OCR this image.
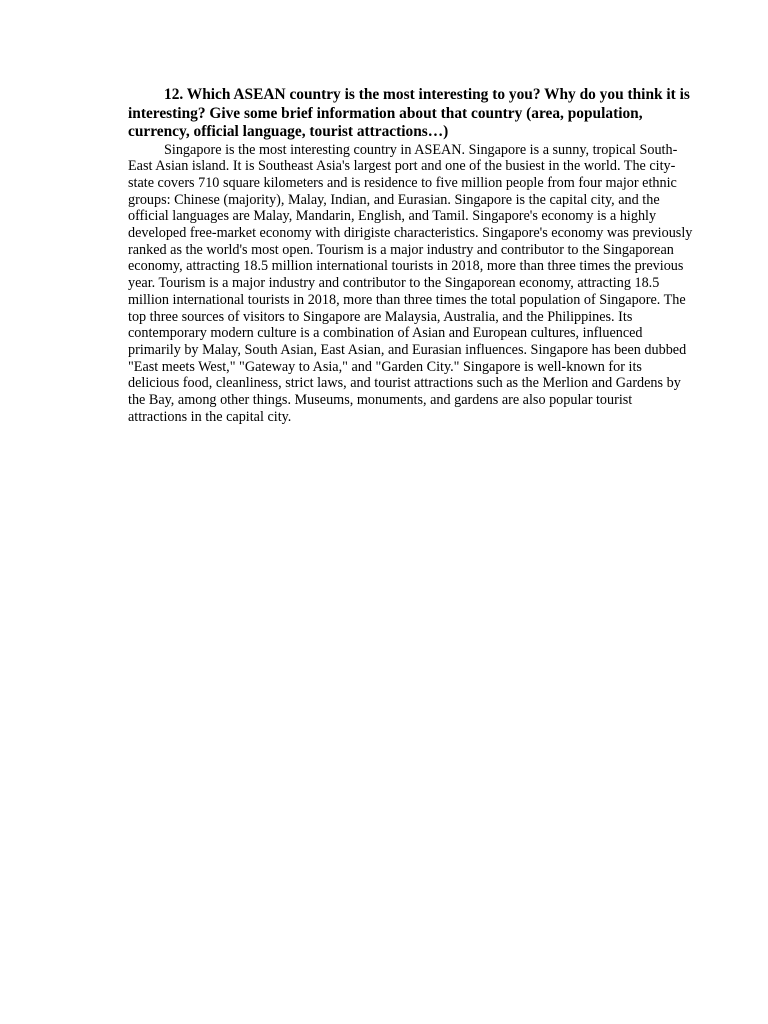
12. Which ASEAN country is the most interesting to you? Why do you think it is interesting? Give some brief information about that country (area, population, currency, official language, tourist attractions…)

Singapore is the most interesting country in ASEAN. Singapore is a sunny, tropical South-East Asian island. It is Southeast Asia's largest port and one of the busiest in the world. The city-state covers 710 square kilometers and is residence to five million people from four major ethnic groups: Chinese (majority), Malay, Indian, and Eurasian. Singapore is the capital city, and the official languages are Malay, Mandarin, English, and Tamil. Singapore's economy is a highly developed free-market economy with dirigiste characteristics. Singapore's economy was previously ranked as the world's most open. Tourism is a major industry and contributor to the Singaporean economy, attracting 18.5 million international tourists in 2018, more than three times the previous year. Tourism is a major industry and contributor to the Singaporean economy, attracting 18.5 million international tourists in 2018, more than three times the total population of Singapore. The top three sources of visitors to Singapore are Malaysia, Australia, and the Philippines. Its contemporary modern culture is a combination of Asian and European cultures, influenced primarily by Malay, South Asian, East Asian, and Eurasian influences. Singapore has been dubbed "East meets West," "Gateway to Asia," and "Garden City." Singapore is well-known for its delicious food, cleanliness, strict laws, and tourist attractions such as the Merlion and Gardens by the Bay, among other things. Museums, monuments, and gardens are also popular tourist attractions in the capital city.
